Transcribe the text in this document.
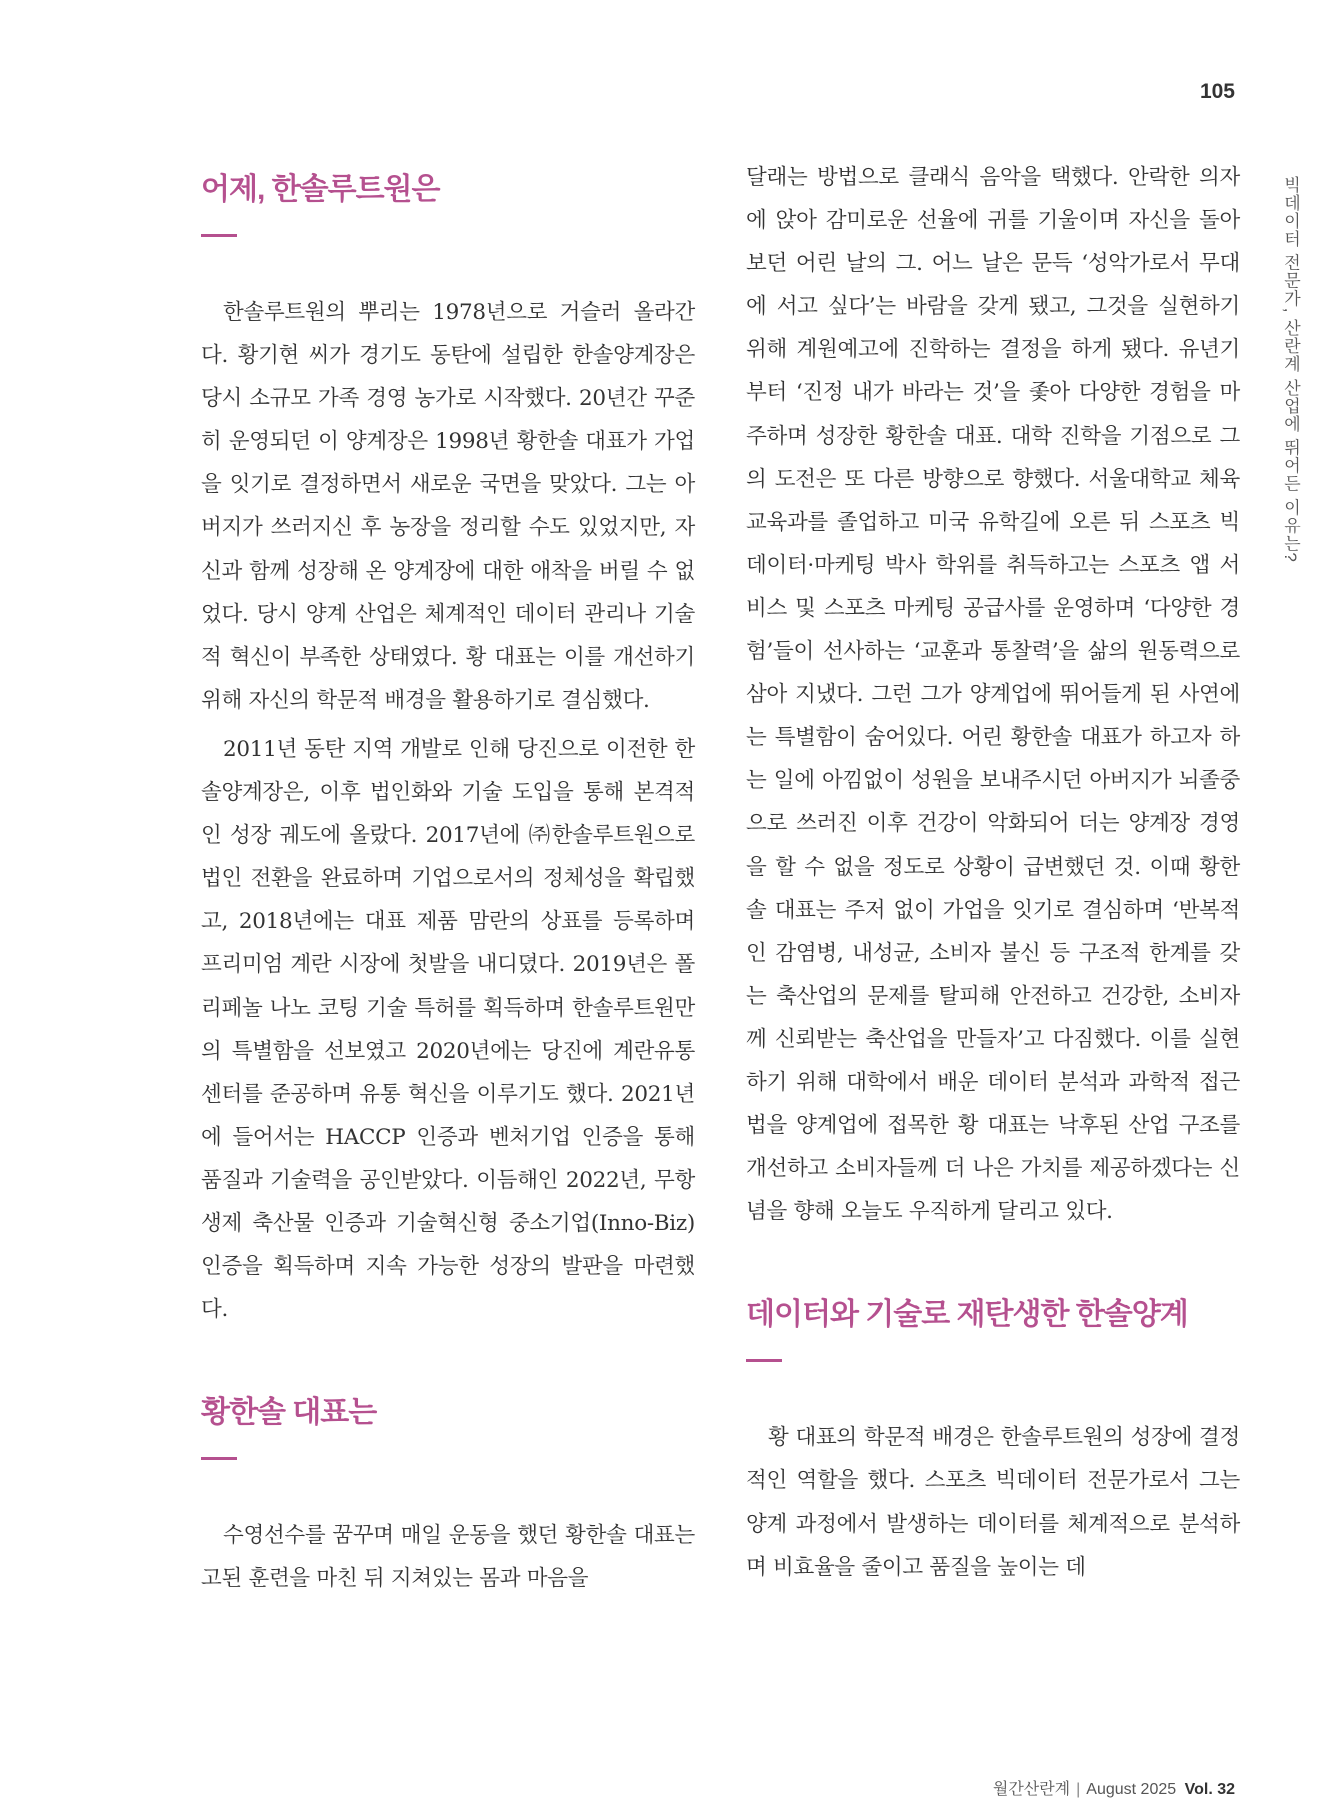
105
빅데이터 전문가, 산란계 산업에 뛰어든 이유는?
어제, 한솔루트원은

한솔루트원의 뿌리는 1978년으로 거슬러 올라간다. 황기현 씨가 경기도 동탄에 설립한 한솔양계장은 당시 소규모 가족 경영 농가로 시작했다. 20년간 꾸준히 운영되던 이 양계장은 1998년 황한솔 대표가 가업을 잇기로 결정하면서 새로운 국면을 맞았다. 그는 아버지가 쓰러지신 후 농장을 정리할 수도 있었지만, 자신과 함께 성장해 온 양계장에 대한 애착을 버릴 수 없었다. 당시 양계 산업은 체계적인 데이터 관리나 기술적 혁신이 부족한 상태였다. 황 대표는 이를 개선하기 위해 자신의 학문적 배경을 활용하기로 결심했다.

2011년 동탄 지역 개발로 인해 당진으로 이전한 한솔양계장은, 이후 법인화와 기술 도입을 통해 본격적인 성장 궤도에 올랐다. 2017년에 ㈜한솔루트원으로 법인 전환을 완료하며 기업으로서의 정체성을 확립했고, 2018년에는 대표 제품 맘란의 상표를 등록하며 프리미엄 계란 시장에 첫발을 내디뎠다. 2019년은 폴리페놀 나노 코팅 기술 특허를 획득하며 한솔루트원만의 특별함을 선보였고 2020년에는 당진에 계란유통센터를 준공하며 유통 혁신을 이루기도 했다. 2021년에 들어서는 HACCP 인증과 벤처기업 인증을 통해 품질과 기술력을 공인받았다. 이듬해인 2022년, 무항생제 축산물 인증과 기술혁신형 중소기업(Inno-Biz) 인증을 획득하며 지속 가능한 성장의 발판을 마련했다.

황한솔 대표는

수영선수를 꿈꾸며 매일 운동을 했던 황한솔 대표는 고된 훈련을 마친 뒤 지쳐있는 몸과 마음을

달래는 방법으로 클래식 음악을 택했다. 안락한 의자에 앉아 감미로운 선율에 귀를 기울이며 자신을 돌아보던 어린 날의 그. 어느 날은 문득 ‘성악가로서 무대에 서고 싶다’는 바람을 갖게 됐고, 그것을 실현하기 위해 계원예고에 진학하는 결정을 하게 됐다. 유년기부터 ‘진정 내가 바라는 것’을 좇아 다양한 경험을 마주하며 성장한 황한솔 대표. 대학 진학을 기점으로 그의 도전은 또 다른 방향으로 향했다. 서울대학교 체육교육과를 졸업하고 미국 유학길에 오른 뒤 스포츠 빅데이터·마케팅 박사 학위를 취득하고는 스포츠 앱 서비스 및 스포츠 마케팅 공급사를 운영하며 ‘다양한 경험’들이 선사하는 ‘교훈과 통찰력’을 삶의 원동력으로 삼아 지냈다. 그런 그가 양계업에 뛰어들게 된 사연에는 특별함이 숨어있다. 어린 황한솔 대표가 하고자 하는 일에 아낌없이 성원을 보내주시던 아버지가 뇌졸중으로 쓰러진 이후 건강이 악화되어 더는 양계장 경영을 할 수 없을 정도로 상황이 급변했던 것. 이때 황한솔 대표는 주저 없이 가업을 잇기로 결심하며 ‘반복적인 감염병, 내성균, 소비자 불신 등 구조적 한계를 갖는 축산업의 문제를 탈피해 안전하고 건강한, 소비자께 신뢰받는 축산업을 만들자’고 다짐했다. 이를 실현하기 위해 대학에서 배운 데이터 분석과 과학적 접근법을 양계업에 접목한 황 대표는 낙후된 산업 구조를 개선하고 소비자들께 더 나은 가치를 제공하겠다는 신념을 향해 오늘도 우직하게 달리고 있다.

데이터와 기술로 재탄생한 한솔양계

황 대표의 학문적 배경은 한솔루트원의 성장에 결정적인 역할을 했다. 스포츠 빅데이터 전문가로서 그는 양계 과정에서 발생하는 데이터를 체계적으로 분석하며 비효율을 줄이고 품질을 높이는 데

월간산란계 | August 2025 Vol. 32
